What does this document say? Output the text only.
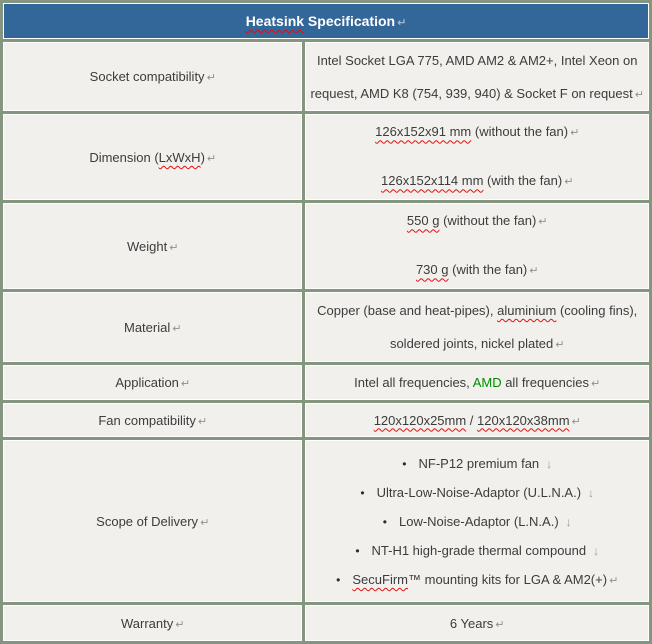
Heatsink Specification ↵	
Socket compatibility ↵	Intel Socket LGA 775, AMD AM2 & AM2+, Intel Xeon on
request, AMD K8 (754, 939, 940) & Socket F on request ↵

Dimension (LxWxH) ↵	126x152x91 mm (without the fan) ↵
126x152x114 mm (with the fan) ↵

Weight ↵	550 g (without the fan) ↵
730 g (with the fan) ↵

Material ↵	Copper (base and heat-pipes), aluminium (cooling fins),
soldered joints, nickel plated ↵

Application ↵	Intel all frequencies, AMD all frequencies ↵
Fan compatibility ↵	120x120x25mm / 120x120x38mm ↵
Scope of Delivery ↵	• NF-P12 premium fan ↓
• Ultra-Low-Noise-Adaptor (U.L.N.A.) ↓
• Low-Noise-Adaptor (L.N.A.) ↓
• NT-H1 high-grade thermal compound ↓
• SecuFirm™ mounting kits for LGA & AM2(+) ↵

Warranty ↵	6 Years ↵
